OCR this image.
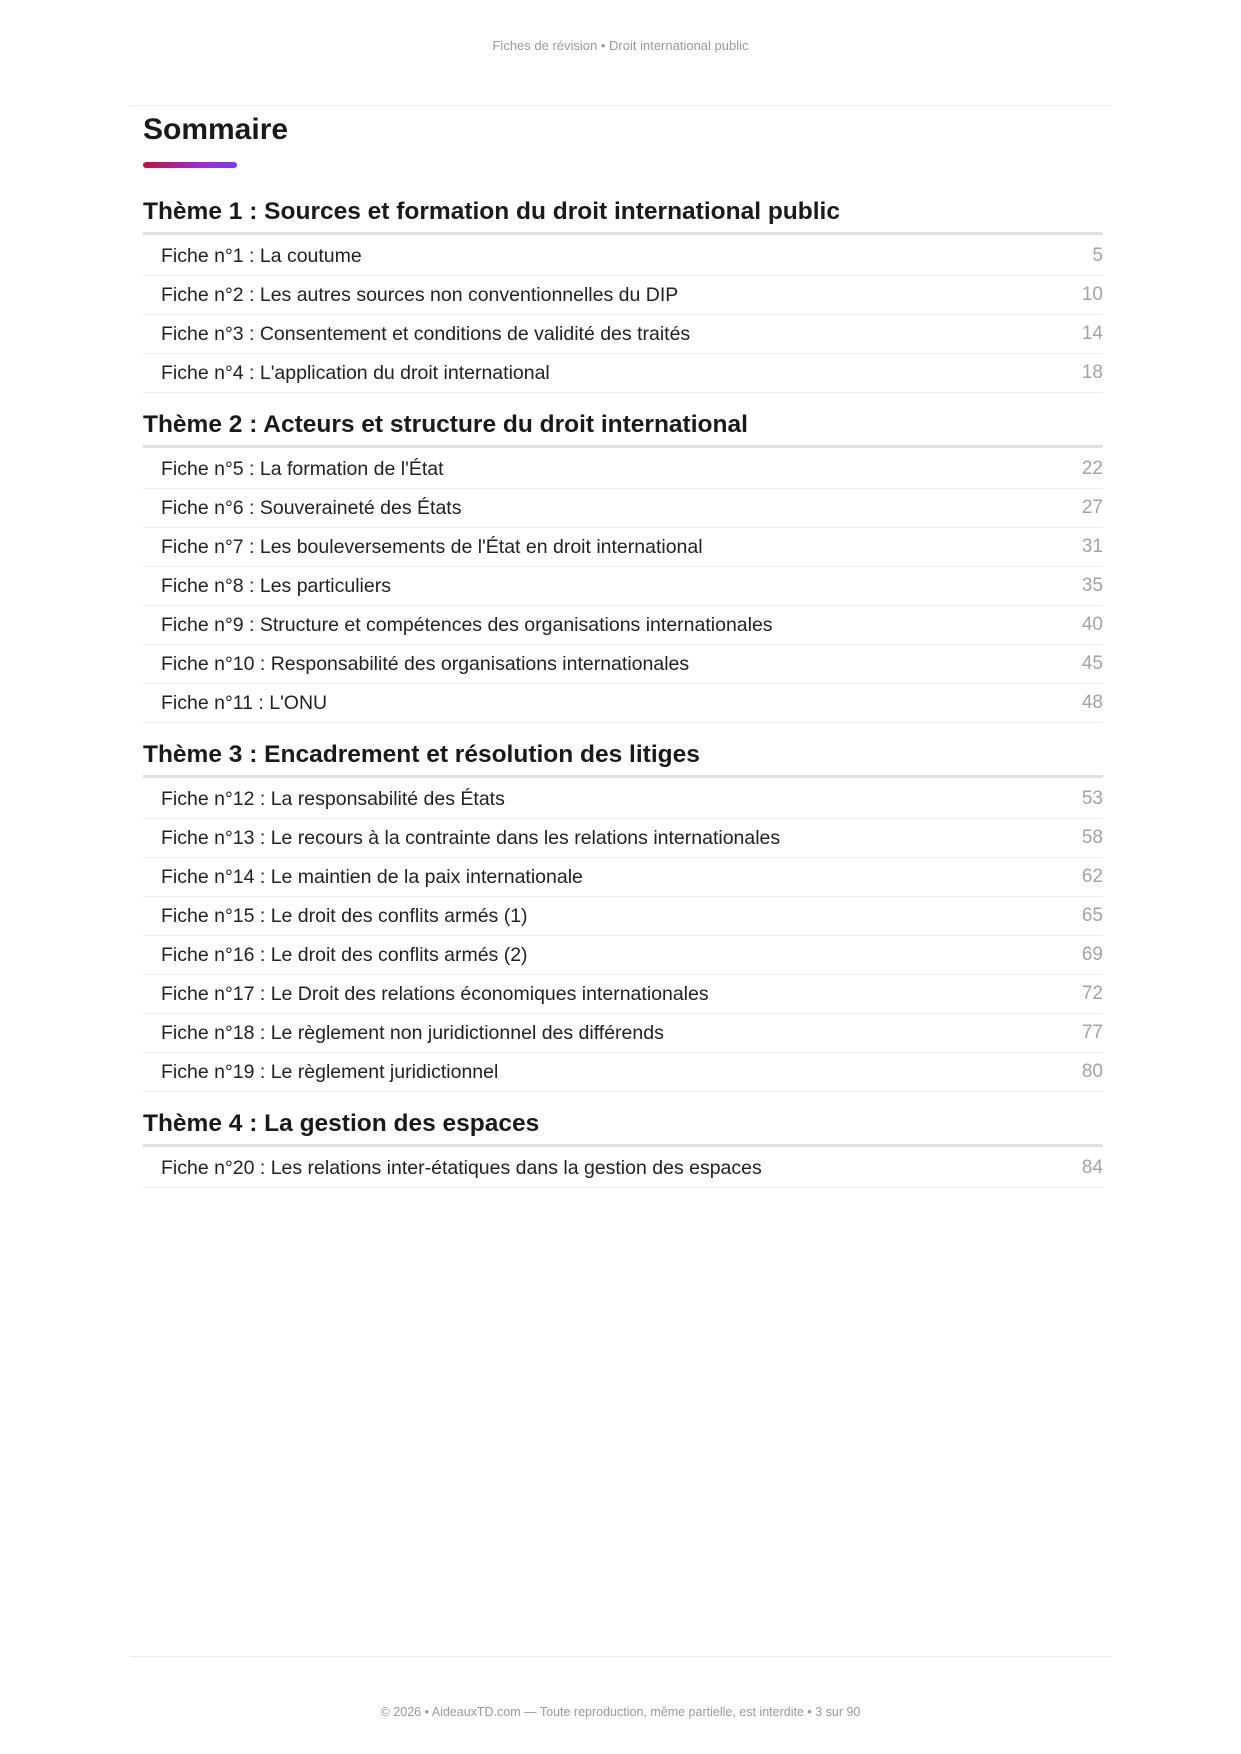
Fiches de révision • Droit international public
Sommaire
Thème 1 : Sources et formation du droit international public
Fiche n°1 : La coutume	5
Fiche n°2 : Les autres sources non conventionnelles du DIP	10
Fiche n°3 : Consentement et conditions de validité des traités	14
Fiche n°4 : L'application du droit international	18
Thème 2 : Acteurs et structure du droit international
Fiche n°5 : La formation de l'État	22
Fiche n°6 : Souveraineté des États	27
Fiche n°7 : Les bouleversements de l'État en droit international	31
Fiche n°8 : Les particuliers	35
Fiche n°9 : Structure et compétences des organisations internationales	40
Fiche n°10 : Responsabilité des organisations internationales	45
Fiche n°11 : L'ONU	48
Thème 3 : Encadrement et résolution des litiges
Fiche n°12 : La responsabilité des États	53
Fiche n°13 : Le recours à la contrainte dans les relations internationales	58
Fiche n°14 : Le maintien de la paix internationale	62
Fiche n°15 : Le droit des conflits armés (1)	65
Fiche n°16 : Le droit des conflits armés (2)	69
Fiche n°17 : Le Droit des relations économiques internationales	72
Fiche n°18 : Le règlement non juridictionnel des différends	77
Fiche n°19 : Le règlement juridictionnel	80
Thème 4 : La gestion des espaces
Fiche n°20 : Les relations inter-étatiques dans la gestion des espaces	84
© 2026 • AideauxTD.com — Toute reproduction, même partielle, est interdite • 3 sur 90
